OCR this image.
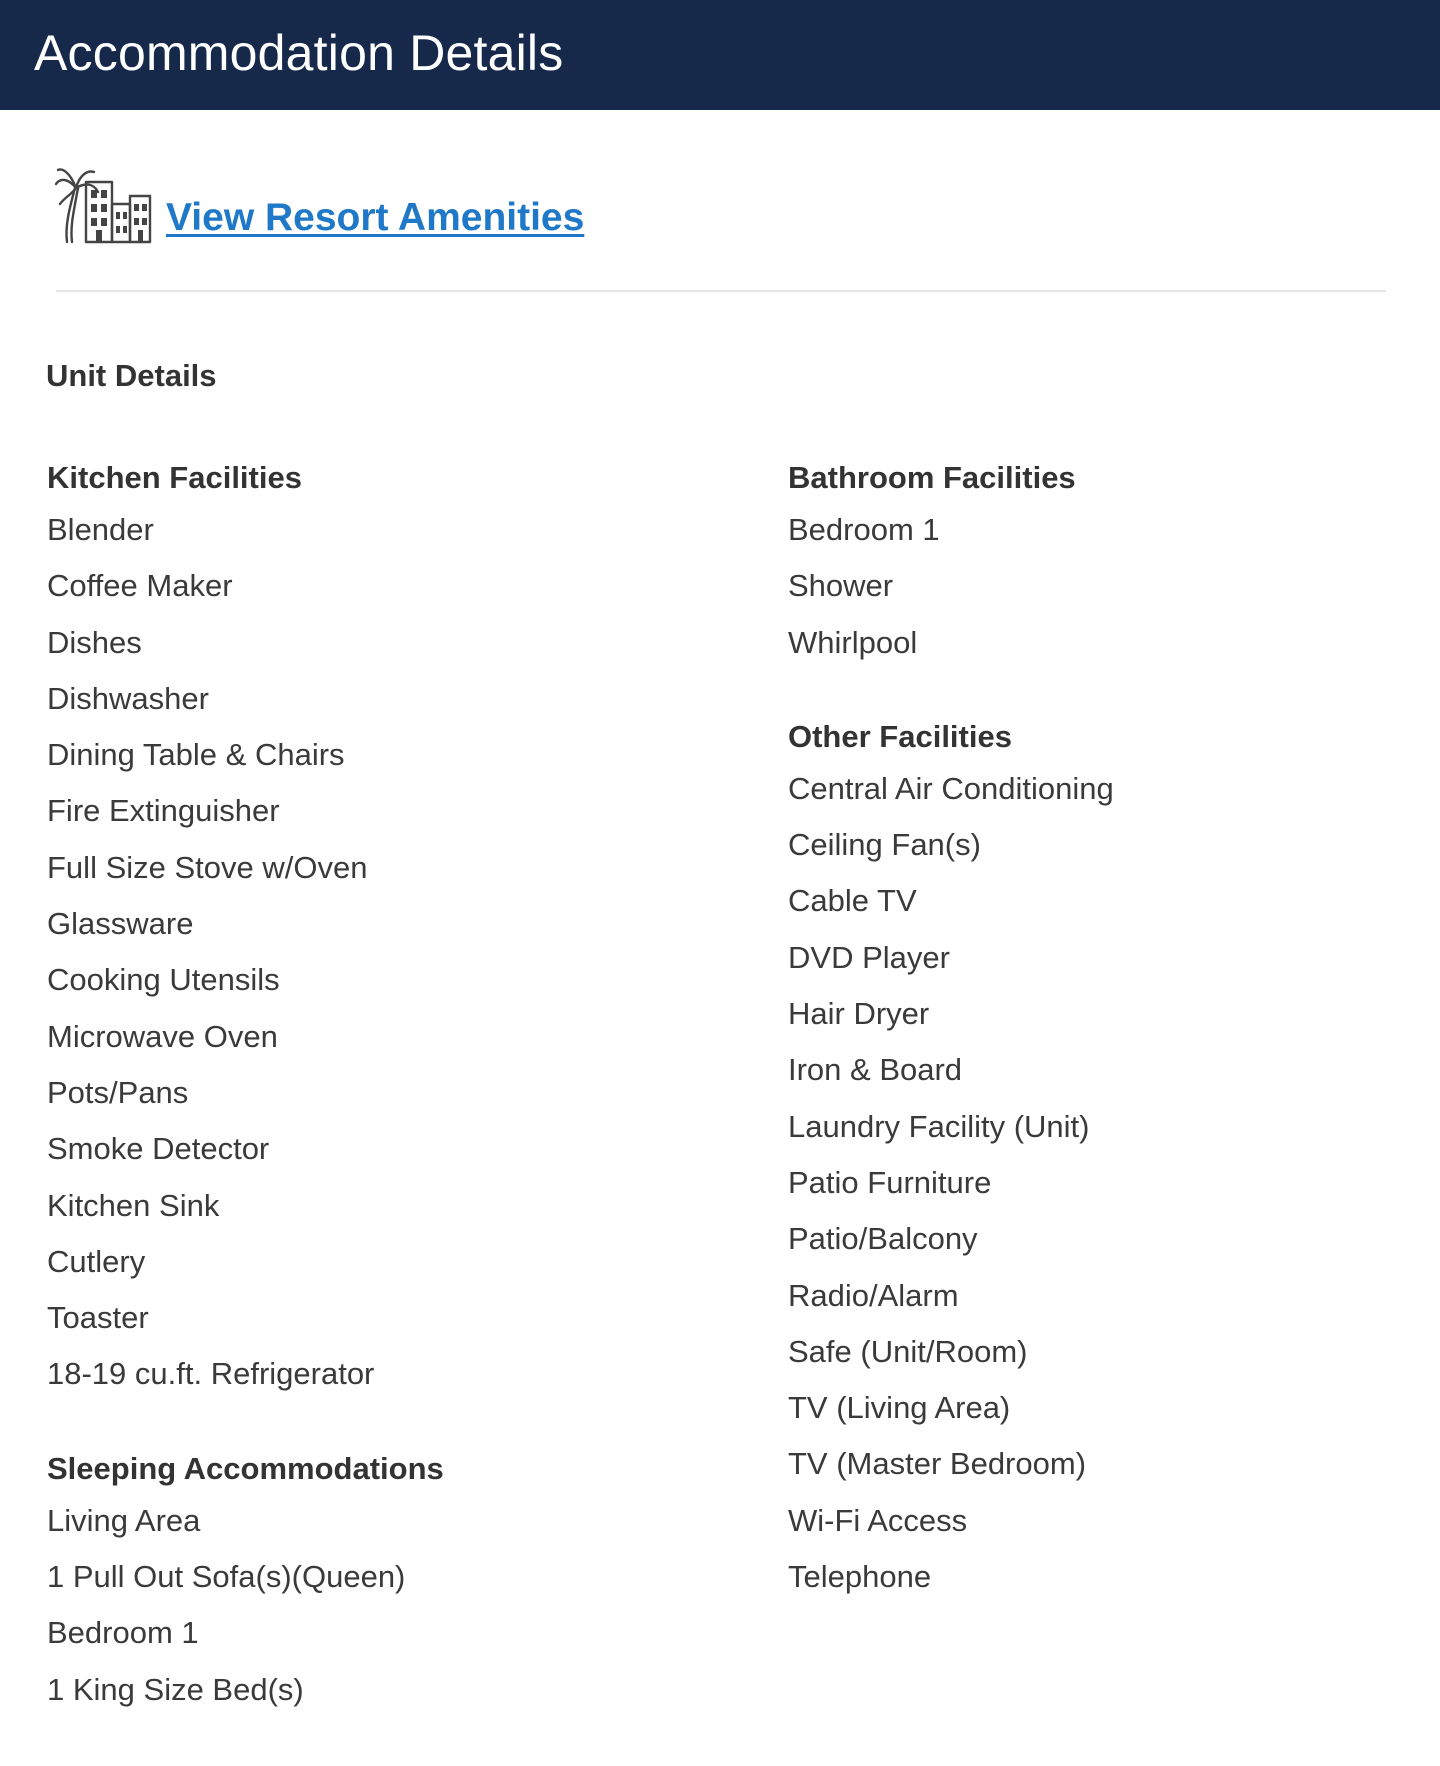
Accommodation Details
View Resort Amenities
Unit Details
Kitchen Facilities
Blender
Coffee Maker
Dishes
Dishwasher
Dining Table & Chairs
Fire Extinguisher
Full Size Stove w/Oven
Glassware
Cooking Utensils
Microwave Oven
Pots/Pans
Smoke Detector
Kitchen Sink
Cutlery
Toaster
18-19 cu.ft. Refrigerator
Sleeping Accommodations
Living Area
1 Pull Out Sofa(s)(Queen)
Bedroom 1
1 King Size Bed(s)
Bathroom Facilities
Bedroom 1
Shower
Whirlpool
Other Facilities
Central Air Conditioning
Ceiling Fan(s)
Cable TV
DVD Player
Hair Dryer
Iron & Board
Laundry Facility (Unit)
Patio Furniture
Patio/Balcony
Radio/Alarm
Safe (Unit/Room)
TV (Living Area)
TV (Master Bedroom)
Wi-Fi Access
Telephone
